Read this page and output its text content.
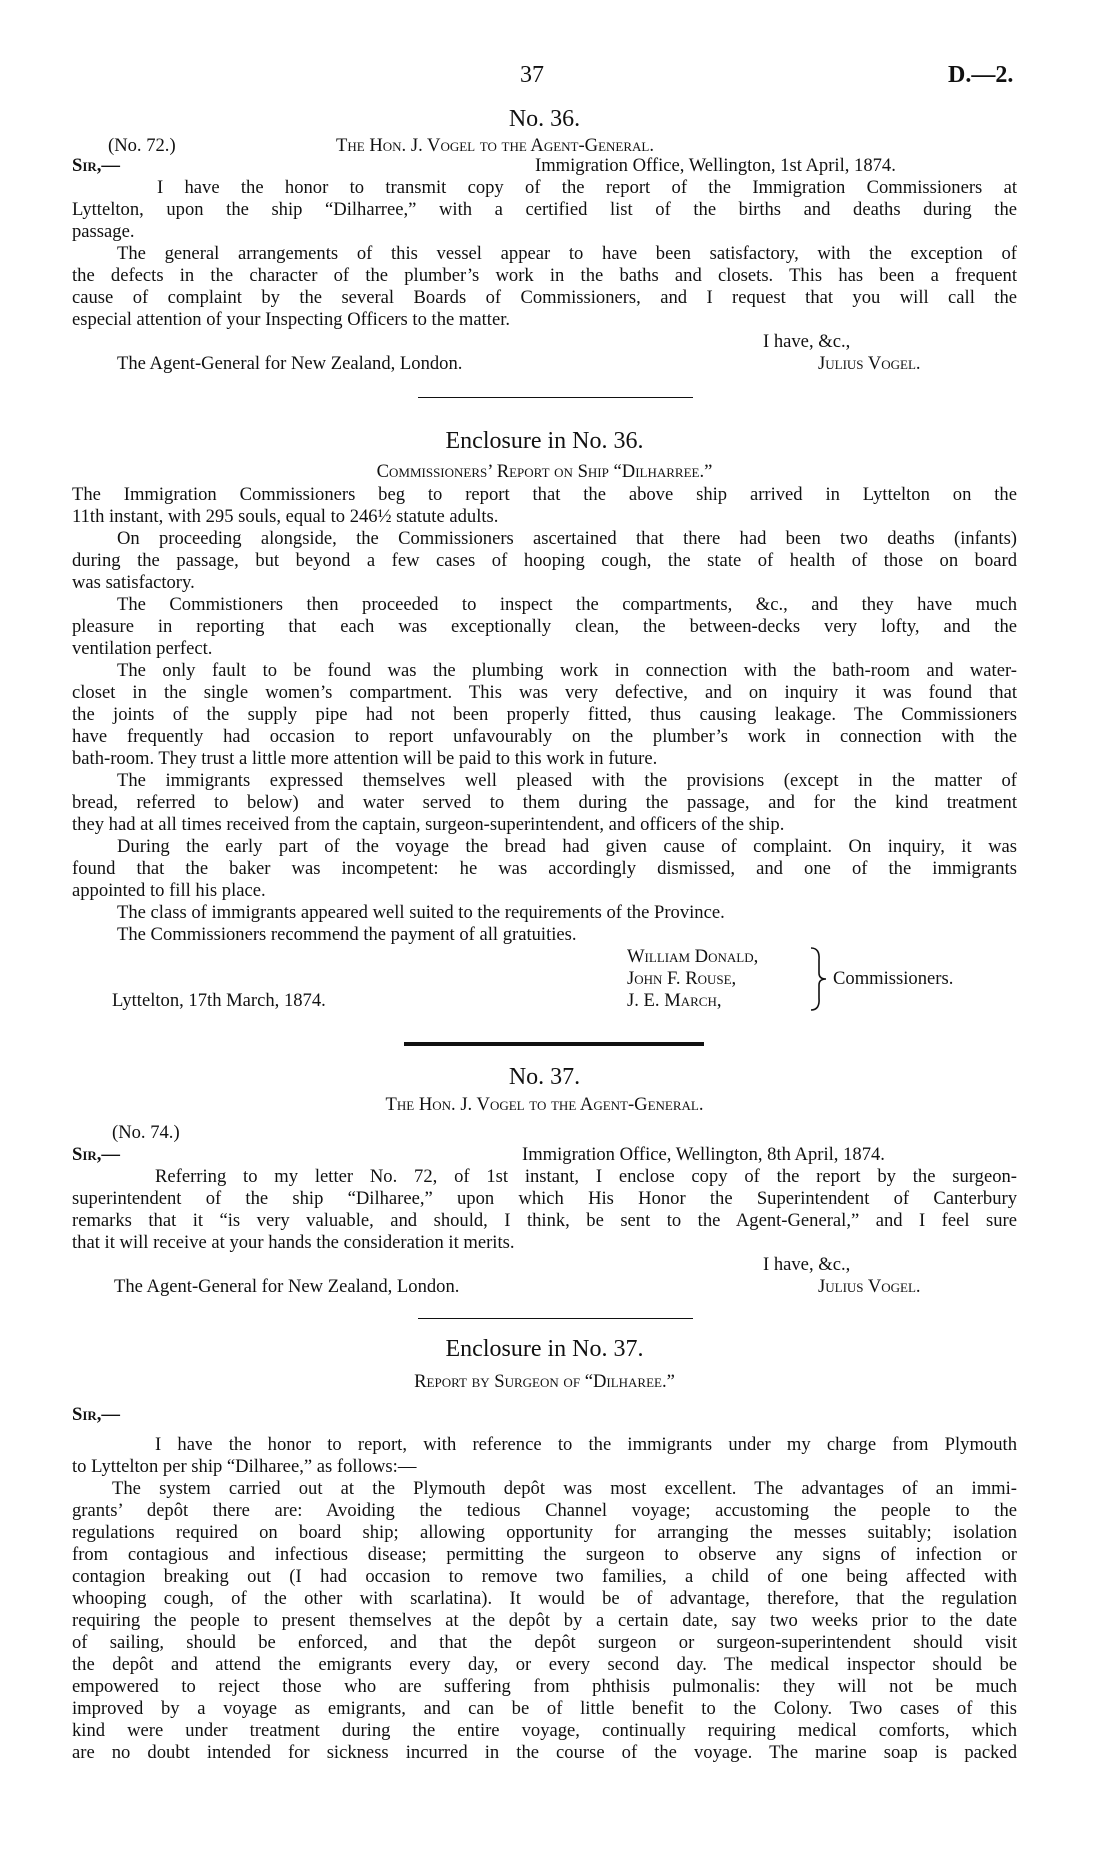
37	D.—2.
No. 36.
(No. 72.)	The Hon. J. Vogel to the Agent-General.
Sir,—	Immigration Office, Wellington, 1st April, 1874.
I have the honor to transmit copy of the report of the Immigration Commissioners at
Lyttelton, upon the ship “Dilharree,” with a certified list of the births and deaths during the
passage.
The general arrangements of this vessel appear to have been satisfactory, with the exception of
the defects in the character of the plumber’s work in the baths and closets. This has been a frequent
cause of complaint by the several Boards of Commissioners, and I request that you will call the
especial attention of your Inspecting Officers to the matter.
I have, &c.,
The Agent-General for New Zealand, London.	Julius Vogel.
Enclosure in No. 36.
Commissioners’ Report on Ship “Dilharree.”
The Immigration Commissioners beg to report that the above ship arrived in Lyttelton on the
11th instant, with 295 souls, equal to 246½ statute adults.
On proceeding alongside, the Commissioners ascertained that there had been two deaths (infants)
during the passage, but beyond a few cases of hooping cough, the state of health of those on board
was satisfactory.
The Commistioners then proceeded to inspect the compartments, &c., and they have much
pleasure in reporting that each was exceptionally clean, the between-decks very lofty, and the
ventilation perfect.
The only fault to be found was the plumbing work in connection with the bath-room and water-
closet in the single women’s compartment. This was very defective, and on inquiry it was found that
the joints of the supply pipe had not been properly fitted, thus causing leakage. The Commissioners
have frequently had occasion to report unfavourably on the plumber’s work in connection with the
bath-room. They trust a little more attention will be paid to this work in future.
The immigrants expressed themselves well pleased with the provisions (except in the matter of
bread, referred to below) and water served to them during the passage, and for the kind treatment
they had at all times received from the captain, surgeon-superintendent, and officers of the ship.
During the early part of the voyage the bread had given cause of complaint. On inquiry, it was
found that the baker was incompetent: he was accordingly dismissed, and one of the immigrants
appointed to fill his place.
The class of immigrants appeared well suited to the requirements of the Province.
The Commissioners recommend the payment of all gratuities.
William Donald,
John F. Rouse,
J. E. March,
Commissioners.
Lyttelton, 17th March, 1874.
No. 37.
The Hon. J. Vogel to the Agent-General.
(No. 74.)
Sir,—	Immigration Office, Wellington, 8th April, 1874.
Referring to my letter No. 72, of 1st instant, I enclose copy of the report by the surgeon-
superintendent of the ship “Dilharee,” upon which His Honor the Superintendent of Canterbury
remarks that it “is very valuable, and should, I think, be sent to the Agent-General,” and I feel sure
that it will receive at your hands the consideration it merits.
I have, &c.,
The Agent-General for New Zealand, London.	Julius Vogel.
Enclosure in No. 37.
Report by Surgeon of “Dilharee.”
Sir,—
I have the honor to report, with reference to the immigrants under my charge from Plymouth
to Lyttelton per ship “Dilharee,” as follows:—
The system carried out at the Plymouth depôt was most excellent. The advantages of an immi-
grants’ depôt there are: Avoiding the tedious Channel voyage; accustoming the people to the
regulations required on board ship; allowing opportunity for arranging the messes suitably; isolation
from contagious and infectious disease; permitting the surgeon to observe any signs of infection or
contagion breaking out (I had occasion to remove two families, a child of one being affected with
whooping cough, of the other with scarlatina). It would be of advantage, therefore, that the regulation
requiring the people to present themselves at the depôt by a certain date, say two weeks prior to the date
of sailing, should be enforced, and that the depôt surgeon or surgeon-superintendent should visit
the depôt and attend the emigrants every day, or every second day. The medical inspector should be
empowered to reject those who are suffering from phthisis pulmonalis: they will not be much
improved by a voyage as emigrants, and can be of little benefit to the Colony. Two cases of this
kind were under treatment during the entire voyage, continually requiring medical comforts, which
are no doubt intended for sickness incurred in the course of the voyage. The marine soap is packed
